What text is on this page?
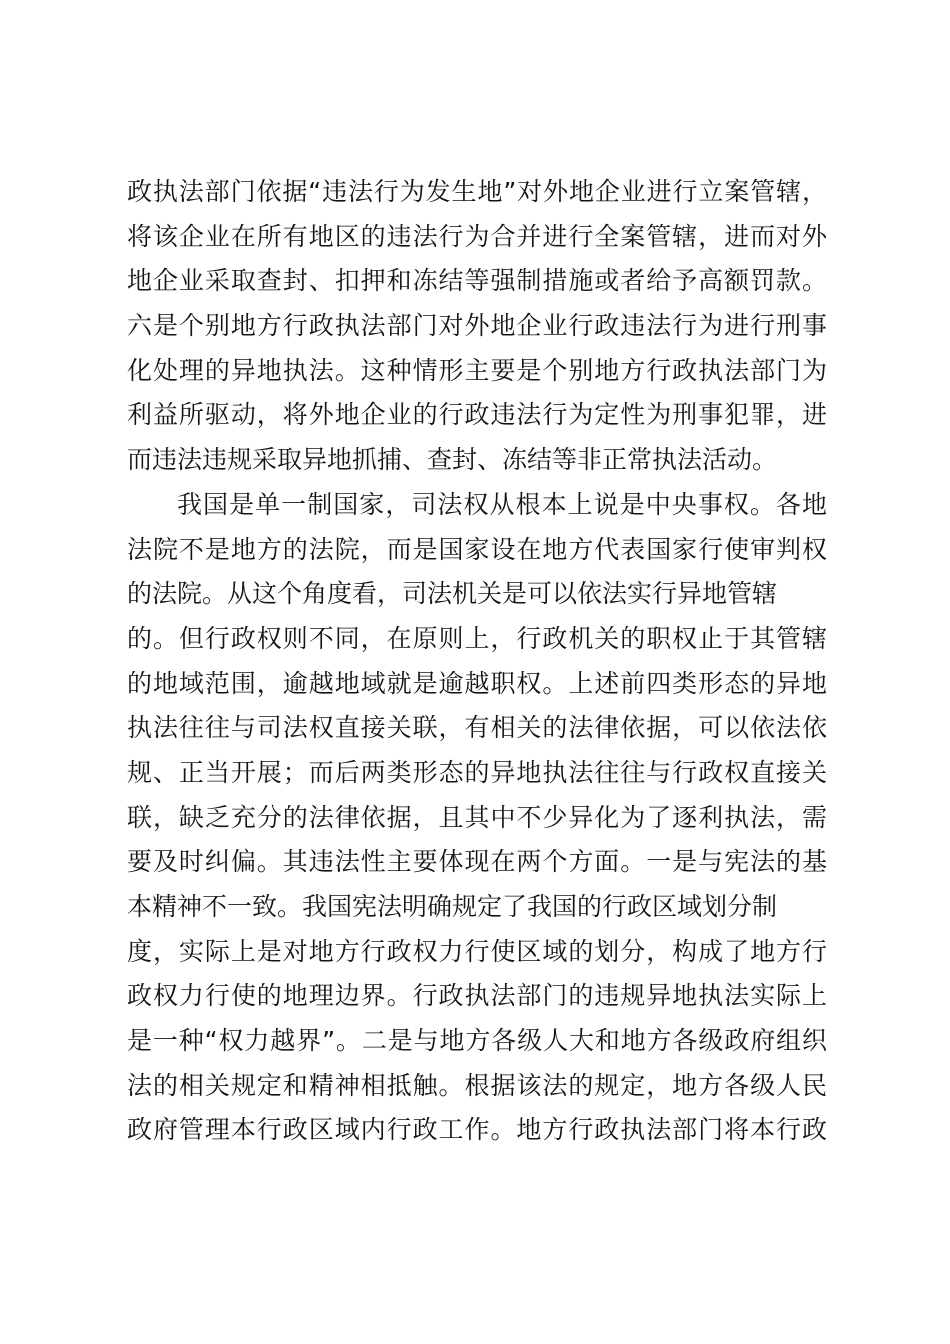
政执法部门依据“违法行为发生地”对外地企业进行立案管辖，
将该企业在所有地区的违法行为合并进行全案管辖，进而对外
地企业采取查封、扣押和冻结等强制措施或者给予高额罚款。
六是个别地方行政执法部门对外地企业行政违法行为进行刑事
化处理的异地执法。这种情形主要是个别地方行政执法部门为
利益所驱动，将外地企业的行政违法行为定性为刑事犯罪，进
而违法违规采取异地抓捕、查封、冻结等非正常执法活动。
我国是单一制国家，司法权从根本上说是中央事权。各地
法院不是地方的法院，而是国家设在地方代表国家行使审判权
的法院。从这个角度看，司法机关是可以依法实行异地管辖
的。但行政权则不同，在原则上，行政机关的职权止于其管辖
的地域范围，逾越地域就是逾越职权。上述前四类形态的异地
执法往往与司法权直接关联，有相关的法律依据，可以依法依
规、正当开展；而后两类形态的异地执法往往与行政权直接关
联，缺乏充分的法律依据，且其中不少异化为了逐利执法，需
要及时纠偏。其违法性主要体现在两个方面。一是与宪法的基
本精神不一致。我国宪法明确规定了我国的行政区域划分制
度，实际上是对地方行政权力行使区域的划分，构成了地方行
政权力行使的地理边界。行政执法部门的违规异地执法实际上
是一种“权力越界”。二是与地方各级人大和地方各级政府组织
法的相关规定和精神相抵触。根据该法的规定，地方各级人民
政府管理本行政区域内行政工作。地方行政执法部门将本行政
